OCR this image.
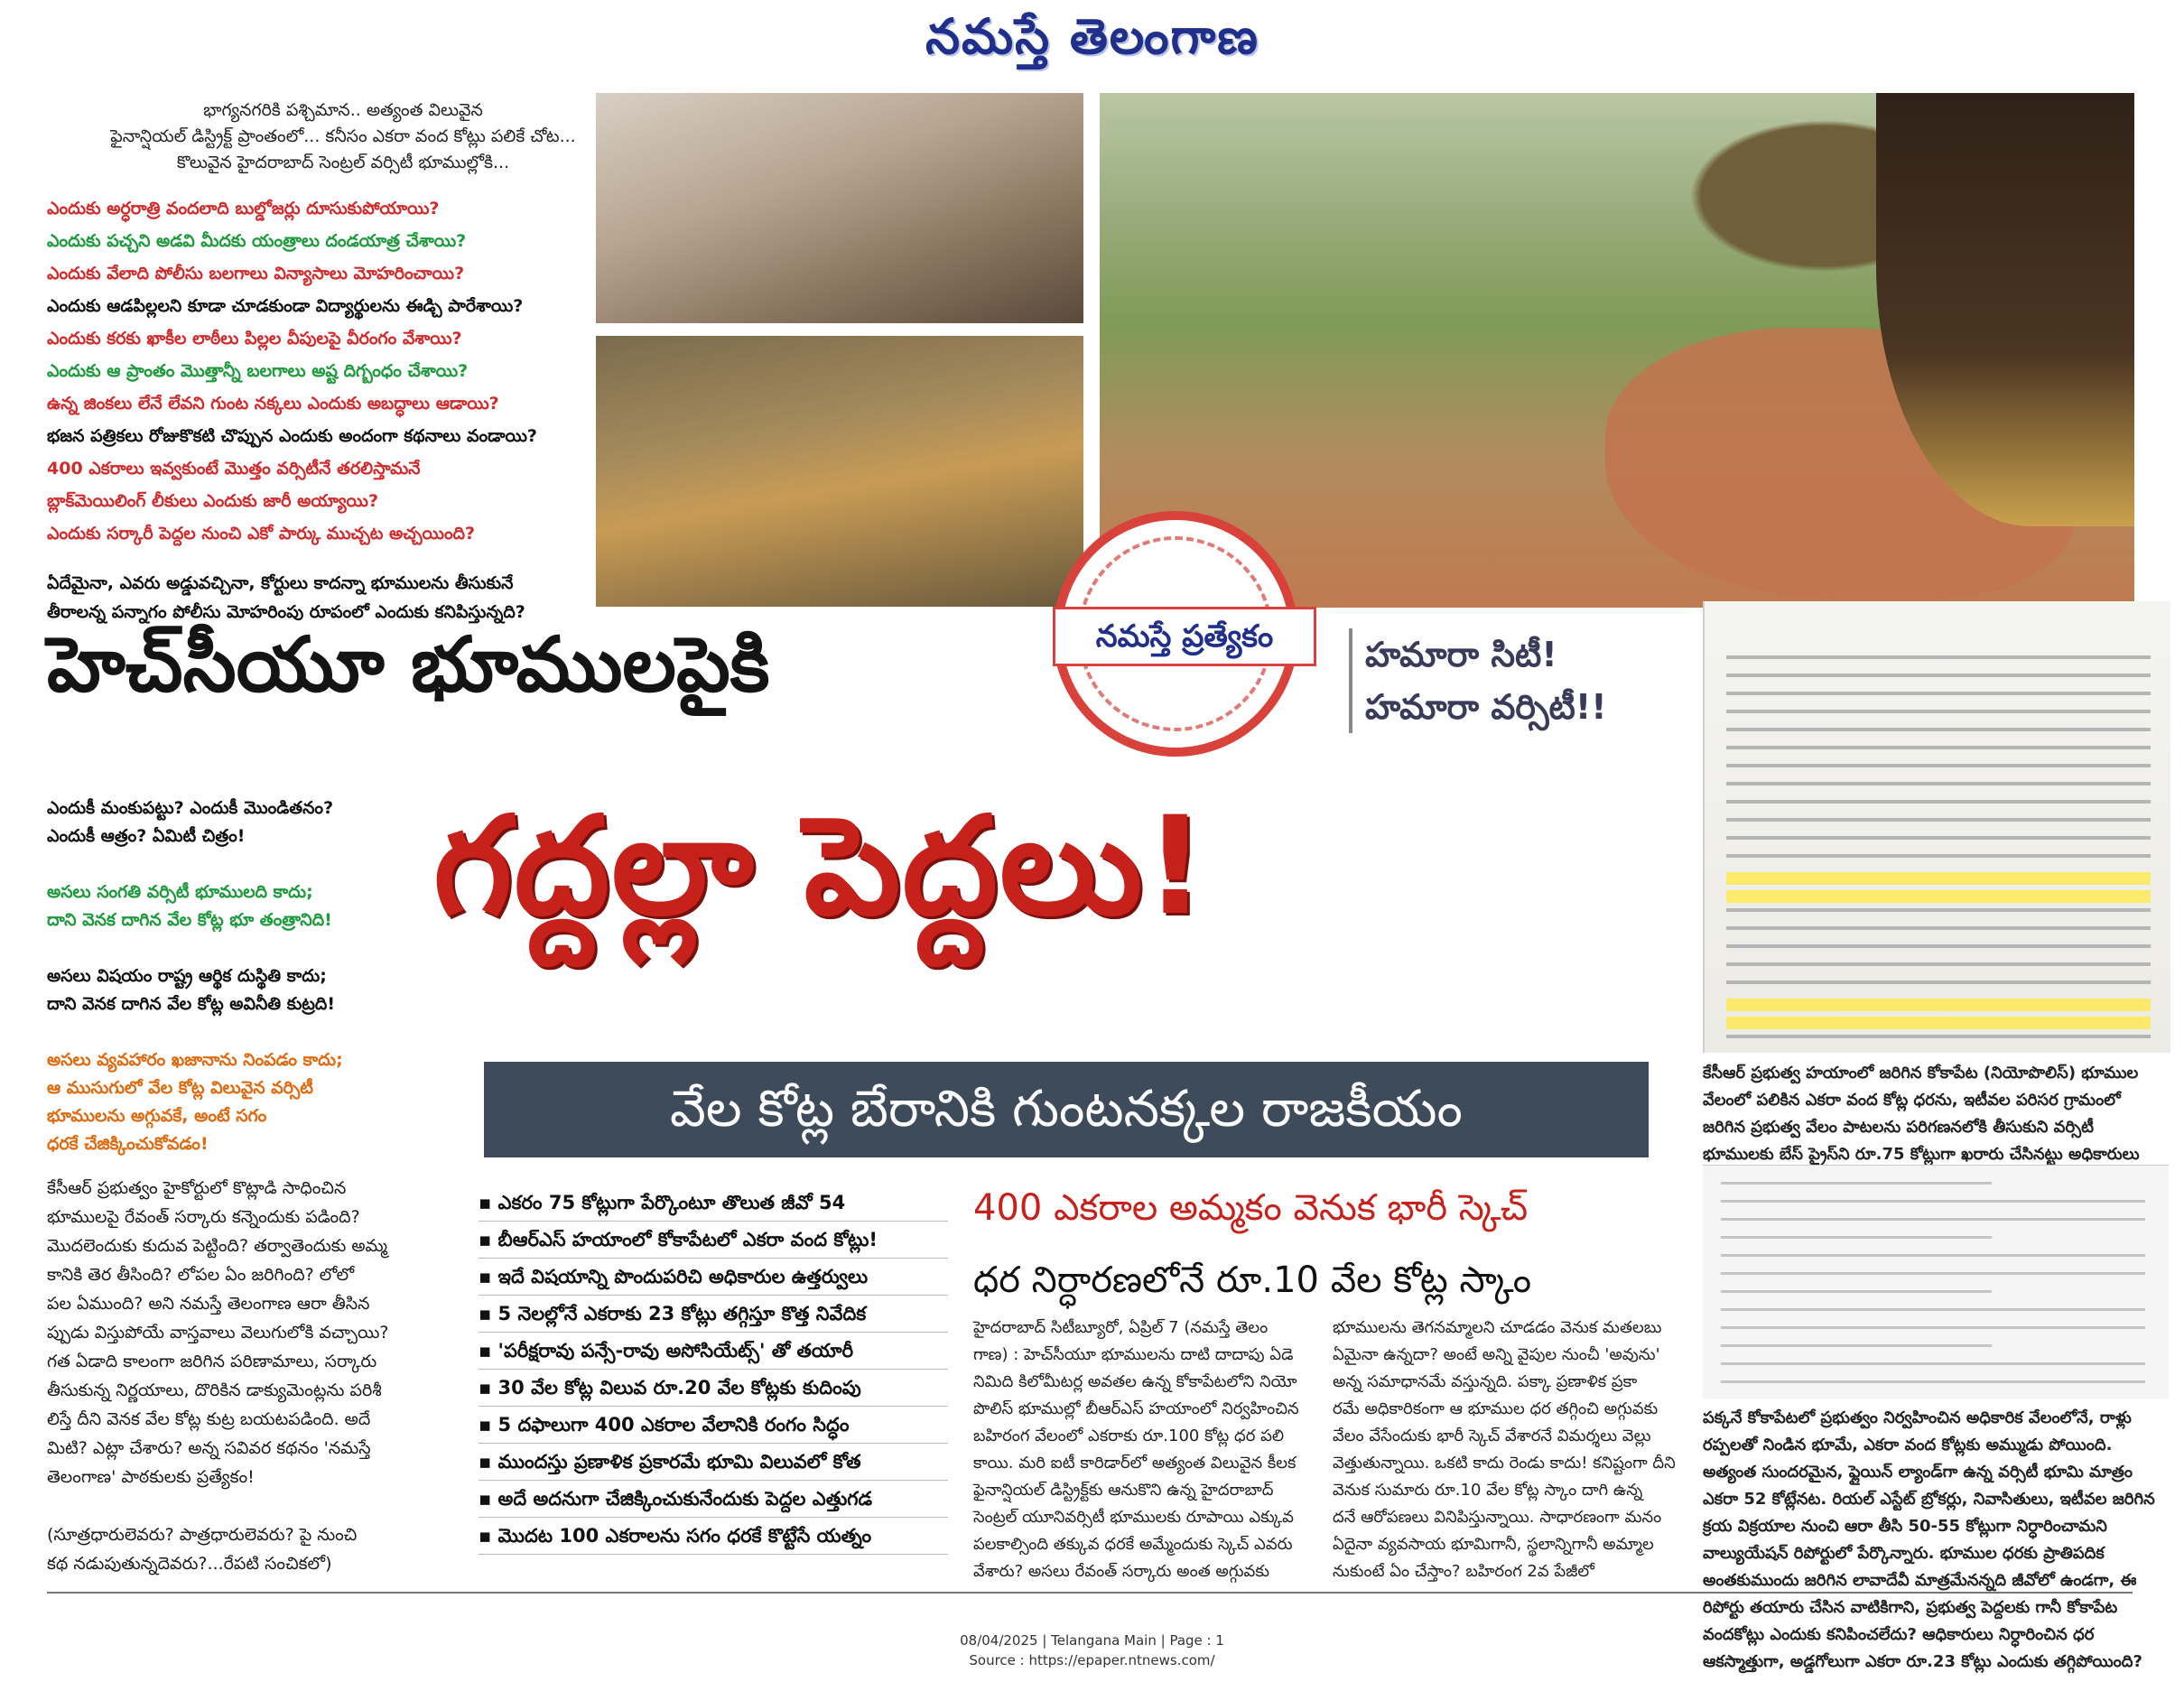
నమస్తే తెలంగాణ
భాగ్యనగరికి పశ్చిమాన.. అత్యంత విలువైన
ఫైనాన్షియల్ డిస్ట్రిక్ట్ ప్రాంతంలో... కనీసం ఎకరా వంద కోట్లు పలికే చోట...
కొలువైన హైదరాబాద్ సెంట్రల్ వర్సిటీ భూముల్లోకి...
ఎందుకు అర్ధరాత్రి వందలాది బుల్డోజర్లు దూసుకుపోయాయి?
ఎందుకు పచ్చని అడవి మీదకు యంత్రాలు దండయాత్ర చేశాయి?
ఎందుకు వేలాది పోలీసు బలగాలు విన్యాసాలు మోహరించాయి?
ఎందుకు ఆడపిల్లలని కూడా చూడకుండా విద్యార్థులను ఈడ్చి పారేశాయి?
ఎందుకు కరకు ఖాకీల లాఠీలు పిల్లల వీపులపై వీరంగం వేశాయి?
ఎందుకు ఆ ప్రాంతం మొత్తాన్నీ బలగాలు అష్ట దిగ్బంధం చేశాయి?
ఉన్న జింకలు లేనే లేవని గుంట నక్కలు ఎందుకు అబద్ధాలు ఆడాయి?
భజన పత్రికలు రోజుకొకటి చొప్పున ఎందుకు అందంగా కథనాలు వండాయి?
400 ఎకరాలు ఇవ్వకుంటే మొత్తం వర్సిటీనే తరలిస్తామనే
బ్లాక్‌మెయిలింగ్ లీకులు ఎందుకు జారీ అయ్యాయి?
ఎందుకు సర్కారీ పెద్దల నుంచి ఎకో పార్కు ముచ్చట అచ్చయింది?
ఏదేమైనా, ఎవరు అడ్డువచ్చినా, కోర్టులు కాదన్నా భూములను తీసుకునే
తీరాలన్న పన్నాగం పోలీసు మోహరింపు రూపంలో ఎందుకు కనిపిస్తున్నది?
నమస్తే ప్రత్యేకం	హమారా సిటీ!
హమారా వర్సిటీ!!
హెచ్‌సీయూ భూములపైకి
గద్దల్లా పెద్దలు!
ఎందుకీ మంకుపట్టు? ఎందుకీ మొండితనం?
ఎందుకీ ఆత్రం? ఏమిటీ చిత్రం!

అసలు సంగతి వర్సిటీ భూములది కాదు;
దాని వెనక దాగిన వేల కోట్ల భూ తంత్రానిది!

అసలు విషయం రాష్ట్ర ఆర్థిక దుస్థితి కాదు;
దాని వెనక దాగిన వేల కోట్ల అవినీతి కుట్రది!

అసలు వ్యవహారం ఖజానాను నింపడం కాదు;
ఆ ముసుగులో వేల కోట్ల విలువైన వర్సిటీ
భూములను అగ్గువకే, అంటే సగం
ధరకే చేజిక్కించుకోవడం!
వేల కోట్ల బేరానికి గుంటనక్కల రాజకీయం
కేసీఆర్ ప్రభుత్వ హయాంలో జరిగిన కోకాపేట (నియోపొలిస్) భూముల
వేలంలో పలికిన ఎకరా వంద కోట్ల ధరను, ఇటీవల పరిసర గ్రామంలో
జరిగిన ప్రభుత్వ వేలం పాటలను పరిగణనలోకి తీసుకుని వర్సిటీ
భూములకు బేస్ ప్రైస్‌ని రూ.75 కోట్లుగా ఖరారు చేసినట్టు అధికారులు
కేసీఆర్ ప్రభుత్వం హైకోర్టులో కొట్లాడి సాధించిన
భూములపై రేవంత్ సర్కారు కన్నెందుకు పడింది?
మొదలెందుకు కుదువ పెట్టింది? తర్వాతెందుకు అమ్మ
కానికి తెర తీసింది? లోపల ఏం జరిగింది? లోలో
పల ఏముంది? అని నమస్తే తెలంగాణ ఆరా తీసిన
ప్పుడు విస్తుపోయే వాస్తవాలు వెలుగులోకి వచ్చాయి?
గత ఏడాది కాలంగా జరిగిన పరిణామాలు, సర్కారు
తీసుకున్న నిర్ణయాలు, దొరికిన డాక్యుమెంట్లను పరిశీ
లిస్తే దీని వెనక వేల కోట్ల కుట్ర బయటపడింది. అదే
మిటి? ఎట్లా చేశారు? అన్న సవివర కథనం 'నమస్తే
తెలంగాణ' పాఠకులకు ప్రత్యేకం!

(సూత్రధారులెవరు? పాత్రధారులెవరు? పై నుంచి
కథ నడుపుతున్నదెవరు?...రేపటి సంచికలో)
▪ ఎకరం 75 కోట్లుగా పేర్కొంటూ తొలుత జీవో 54
▪ బీఆర్‌ఎస్ హయాంలో కోకాపేటలో ఎకరా వంద కోట్లు!
▪ ఇదే విషయాన్ని పొందుపరిచి అధికారుల ఉత్తర్వులు
▪ 5 నెలల్లోనే ఎకరాకు 23 కోట్లు తగ్గిస్తూ కొత్త నివేదిక
▪ 'పరీక్షరావు పన్సే-రావు అసోసియేట్స్' తో తయారీ
▪ 30 వేల కోట్ల విలువ రూ.20 వేల కోట్లకు కుదింపు
▪ 5 దఫాలుగా 400 ఎకరాల వేలానికి రంగం సిద్ధం
▪ ముందస్తు ప్రణాళిక ప్రకారమే భూమి విలువలో కోత
▪ అదే అదనుగా చేజిక్కించుకునేందుకు పెద్దల ఎత్తుగడ
▪ మొదట 100 ఎకరాలను సగం ధరకే కొట్టేసే యత్నం
400 ఎకరాల అమ్మకం వెనుక భారీ స్కెచ్
ధర నిర్ధారణలోనే రూ.10 వేల కోట్ల స్కాం
హైదరాబాద్ సిటీబ్యూరో, ఏప్రిల్ 7 (నమస్తే తెలం
గాణ) : హెచ్‌సీయూ భూములను దాటి దాదాపు ఏడె
నిమిది కిలోమీటర్ల అవతల ఉన్న కోకాపేటలోని నియో
పొలిస్ భూముల్లో బీఆర్‌ఎస్ హయాంలో నిర్వహించిన
బహిరంగ వేలంలో ఎకరాకు రూ.100 కోట్ల ధర పలి
కాయి. మరి ఐటీ కారిడార్‌లో అత్యంత విలువైన కీలక
ఫైనాన్షియల్ డిస్ట్రిక్ట్‌కు ఆనుకొని ఉన్న హైదరాబాద్
సెంట్రల్ యూనివర్సిటీ భూములకు రూపాయి ఎక్కువ
పలకాల్సింది తక్కువ ధరకే అమ్మేందుకు స్కెచ్ ఎవరు
వేశారు? అసలు రేవంత్ సర్కారు అంత అగ్గువకు
భూములను తెగనమ్మాలని చూడడం వెనుక మతలబు
ఏమైనా ఉన్నదా? అంటే అన్ని వైపుల నుంచీ 'అవును'
అన్న సమాధానమే వస్తున్నది. పక్కా ప్రణాళిక ప్రకా
రమే అధికారికంగా ఆ భూముల ధర తగ్గించి అగ్గువకు
వేలం వేసేందుకు భారీ స్కెచ్ వేశారనే విమర్శలు వెల్లు
వెత్తుతున్నాయి. ఒకటి కాదు రెండు కాదు! కనిష్టంగా దీని
వెనుక సుమారు రూ.10 వేల కోట్ల స్కాం దాగి ఉన్న
దనే ఆరోపణలు వినిపిస్తున్నాయి. సాధారణంగా మనం
ఏదైనా వ్యవసాయ భూమిగానీ, స్థలాన్నిగానీ అమ్మాల
నుకుంటే ఏం చేస్తాం? బహిరంగ 2వ పేజీలో
పక్కనే కోకాపేటలో ప్రభుత్వం నిర్వహించిన అధికారిక వేలంలోనే, రాళ్లు
రప్పలతో నిండిన భూమే, ఎకరా వంద కోట్లకు అమ్ముడు పోయింది.
అత్యంత సుందరమైన, ఫ్లైయిన్ ల్యాండ్‌గా ఉన్న వర్సిటీ భూమి మాత్రం
ఎకరా 52 కోట్లేనట. రియల్ ఎస్టేట్ బ్రోకర్లు, నివాసితులు, ఇటీవల జరిగిన
క్రయ విక్రయాల నుంచి ఆరా తీసి 50-55 కోట్లుగా నిర్ధారించామని
వాల్యుయేషన్ రిపోర్టులో పేర్కొన్నారు. భూముల ధరకు ప్రాతిపదిక
అంతకుముందు జరిగిన లావాదేవీ మాత్రమేనన్నది జీవోలో ఉండగా, ఈ
రిపోర్టు తయారు చేసిన వాటికిగాని, ప్రభుత్వ పెద్దలకు గానీ కోకాపేట
వందకోట్లు ఎందుకు కనిపించలేదు? ఆధికారులు నిర్ధారించిన ధర
ఆకస్మాత్తుగా, అడ్డగోలుగా ఎకరా రూ.23 కోట్లు ఎందుకు తగ్గిపోయింది?
08/04/2025 | Telangana Main | Page : 1
Source : https://epaper.ntnews.com/
